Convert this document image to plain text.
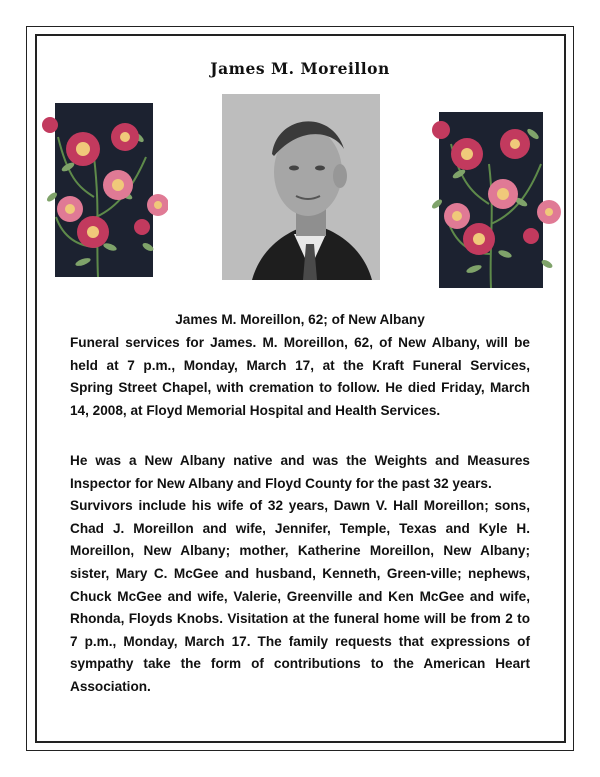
James M. Moreillon
James M. Moreillon, 62; of New Albany
Funeral services for James. M. Moreillon, 62, of New Albany, will be
held at 7 p.m., Monday, March 17, at the Kraft Funeral Services,
Spring Street Chapel, with cremation to follow. He died Friday, March
14, 2008, at Floyd Memorial Hospital and Health Services.
He was a New Albany native and was the Weights and Measures
Inspector for New Albany and Floyd County for the past 32 years.
Survivors include his wife of 32 years, Dawn V. Hall Moreillon; sons,
Chad J. Moreillon and wife, Jennifer, Temple, Texas and Kyle H.
Moreillon, New Albany; mother, Katherine Moreillon, New Albany;
sister, Mary C. McGee and husband, Kenneth, Green-ville; nephews,
Chuck McGee and wife, Valerie, Greenville and Ken McGee and wife,
Rhonda, Floyds Knobs. Visitation at the funeral home will be from 2 to
7 p.m., Monday, March 17. The family requests that expressions of
sympathy take the form of contributions to the American Heart
Association.
